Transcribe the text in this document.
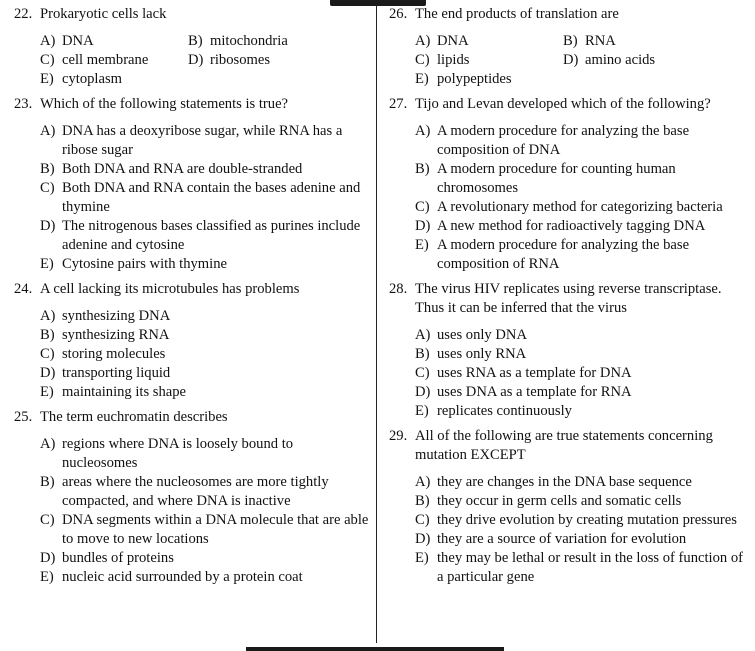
22. Prokaryotic cells lack
A) DNA	B) mitochondria
C) cell membrane	D) ribosomes
E) cytoplasm
23. Which of the following statements is true?
A) DNA has a deoxyribose sugar, while RNA has a ribose sugar
B) Both DNA and RNA are double-stranded
C) Both DNA and RNA contain the bases adenine and thymine
D) The nitrogenous bases classified as purines include adenine and cytosine
E) Cytosine pairs with thymine
24. A cell lacking its microtubules has problems
A) synthesizing DNA
B) synthesizing RNA
C) storing molecules
D) transporting liquid
E) maintaining its shape
25. The term euchromatin describes
A) regions where DNA is loosely bound to nucleosomes
B) areas where the nucleosomes are more tightly compacted, and where DNA is inactive
C) DNA segments within a DNA molecule that are able to move to new locations
D) bundles of proteins
E) nucleic acid surrounded by a protein coat
26. The end products of translation are
A) DNA	B) RNA
C) lipids	D) amino acids
E) polypeptides
27. Tijo and Levan developed which of the following?
A) A modern procedure for analyzing the base composition of DNA
B) A modern procedure for counting human chromosomes
C) A revolutionary method for categorizing bacteria
D) A new method for radioactively tagging DNA
E) A modern procedure for analyzing the base composition of RNA
28. The virus HIV replicates using reverse transcriptase. Thus it can be inferred that the virus
A) uses only DNA
B) uses only RNA
C) uses RNA as a template for DNA
D) uses DNA as a template for RNA
E) replicates continuously
29. All of the following are true statements concerning mutation EXCEPT
A) they are changes in the DNA base sequence
B) they occur in germ cells and somatic cells
C) they drive evolution by creating mutation pressures
D) they are a source of variation for evolution
E) they may be lethal or result in the loss of function of a particular gene
